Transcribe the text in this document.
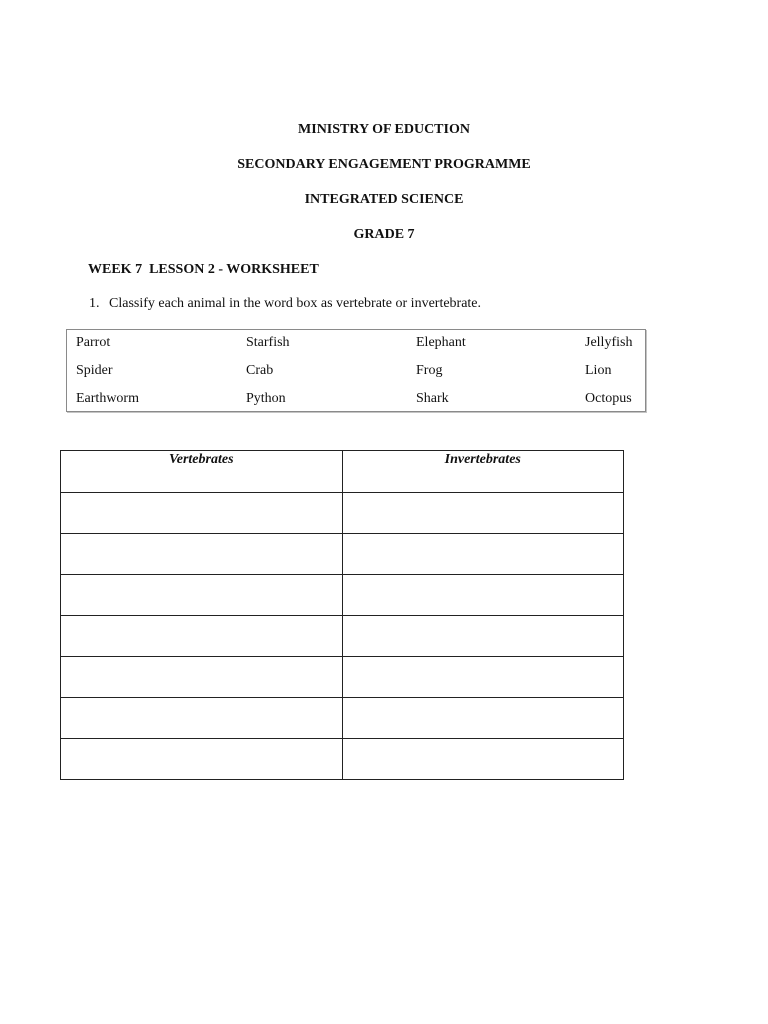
MINISTRY OF EDUCTION
SECONDARY ENGAGEMENT PROGRAMME
INTEGRATED SCIENCE
GRADE 7
WEEK 7  LESSON 2 - WORKSHEET
1. Classify each animal in the word box as vertebrate or invertebrate.
Parrot	Starfish	Elephant	Jellyfish
Spider	Crab	Frog	Lion
Earthworm	Python	Shark	Octopus
Vertebrates	Invertebrates
